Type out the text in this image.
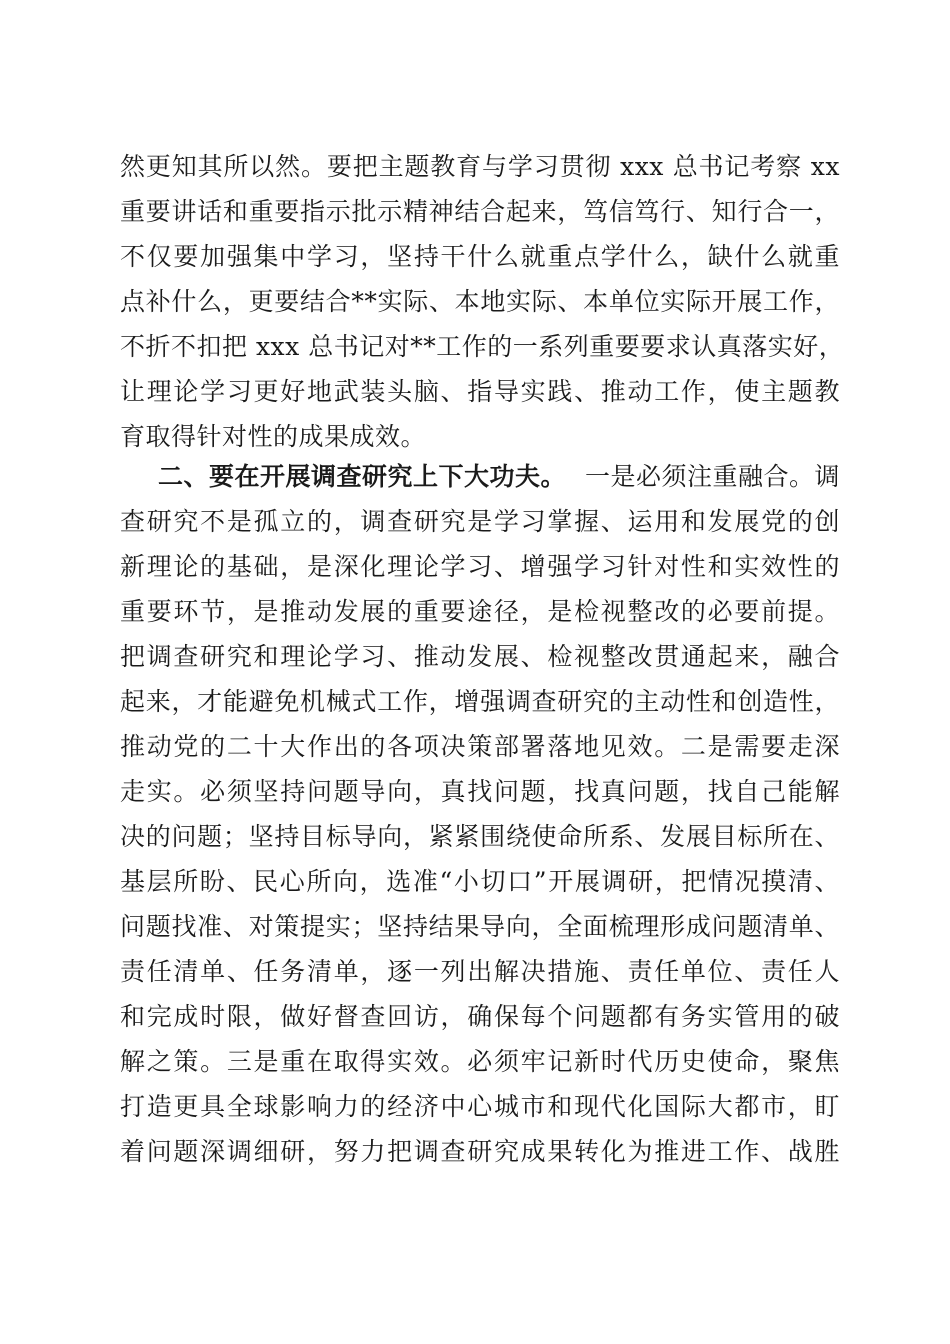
然更知其所以然。要把主题教育与学习贯彻 xxx 总书记考察 xx
重要讲话和重要指示批示精神结合起来，笃信笃行、知行合一，
不仅要加强集中学习，坚持干什么就重点学什么，缺什么就重
点补什么，更要结合**实际、本地实际、本单位实际开展工作，
不折不扣把 xxx 总书记对**工作的一系列重要要求认真落实好，
让理论学习更好地武装头脑、指导实践、推动工作，使主题教
育取得针对性的成果成效。
二、要在开展调查研究上下大功夫。 一是必须注重融合。调
查研究不是孤立的，调查研究是学习掌握、运用和发展党的创
新理论的基础，是深化理论学习、增强学习针对性和实效性的
重要环节，是推动发展的重要途径，是检视整改的必要前提。
把调查研究和理论学习、推动发展、检视整改贯通起来，融合
起来，才能避免机械式工作，增强调查研究的主动性和创造性，
推动党的二十大作出的各项决策部署落地见效。二是需要走深
走实。必须坚持问题导向，真找问题，找真问题，找自己能解
决的问题；坚持目标导向，紧紧围绕使命所系、发展目标所在、
基层所盼、民心所向，选准“小切口”开展调研，把情况摸清、
问题找准、对策提实；坚持结果导向，全面梳理形成问题清单、
责任清单、任务清单，逐一列出解决措施、责任单位、责任人
和完成时限，做好督查回访，确保每个问题都有务实管用的破
解之策。三是重在取得实效。必须牢记新时代历史使命，聚焦
打造更具全球影响力的经济中心城市和现代化国际大都市，盯
着问题深调细研，努力把调查研究成果转化为推进工作、战胜
